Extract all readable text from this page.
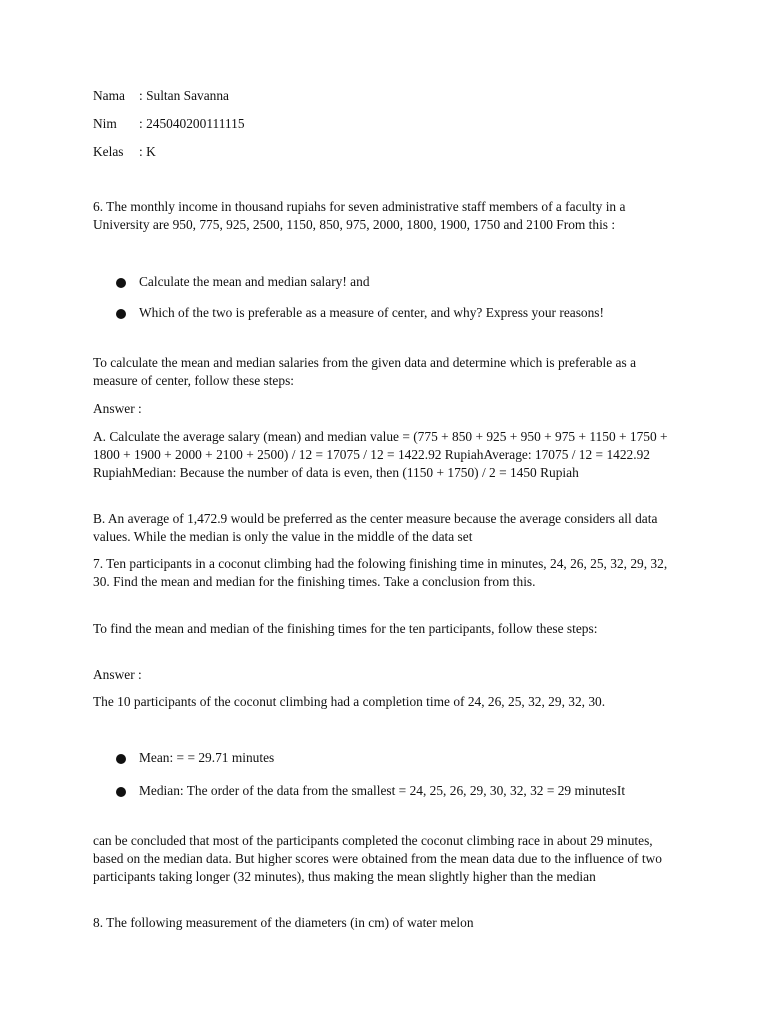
Nama	: Sultan Savanna
Nim	: 245040200111115
Kelas	: K
6. The monthly income in thousand rupiahs for seven administrative staff members of a faculty in a University are 950, 775, 925, 2500, 1150, 850, 975, 2000, 1800, 1900, 1750 and 2100 From this :
Calculate the mean and median salary! and
Which of the two is preferable as a measure of center, and why? Express your reasons!
To calculate the mean and median salaries from the given data and determine which is preferable as a measure of center, follow these steps:
Answer :
A. Calculate the average salary (mean) and median value = (775 + 850 + 925 + 950 + 975 + 1150 + 1750 + 1800 + 1900 + 2000 + 2100 + 2500) / 12 = 17075 / 12 = 1422.92 RupiahAverage: 17075 / 12 = 1422.92 RupiahMedian: Because the number of data is even, then (1150 + 1750) / 2 = 1450 Rupiah
B. An average of 1,472.9 would be preferred as the center measure because the average considers all data values. While the median is only the value in the middle of the data set
7. Ten participants in a coconut climbing had the folowing finishing time in minutes, 24, 26, 25, 32, 29, 32, 30. Find the mean and median for the finishing times. Take a conclusion from this.
To find the mean and median of the finishing times for the ten participants, follow these steps:
Answer :
The 10 participants of the coconut climbing had a completion time of 24, 26, 25, 32, 29, 32, 30.
Mean: = = 29.71 minutes
Median: The order of the data from the smallest = 24, 25, 26, 29, 30, 32, 32 = 29 minutesIt
can be concluded that most of the participants completed the coconut climbing race in about 29 minutes, based on the median data. But higher scores were obtained from the mean data due to the influence of two participants taking longer (32 minutes), thus making the mean slightly higher than the median
8. The following measurement of the diameters (in cm) of water melon
